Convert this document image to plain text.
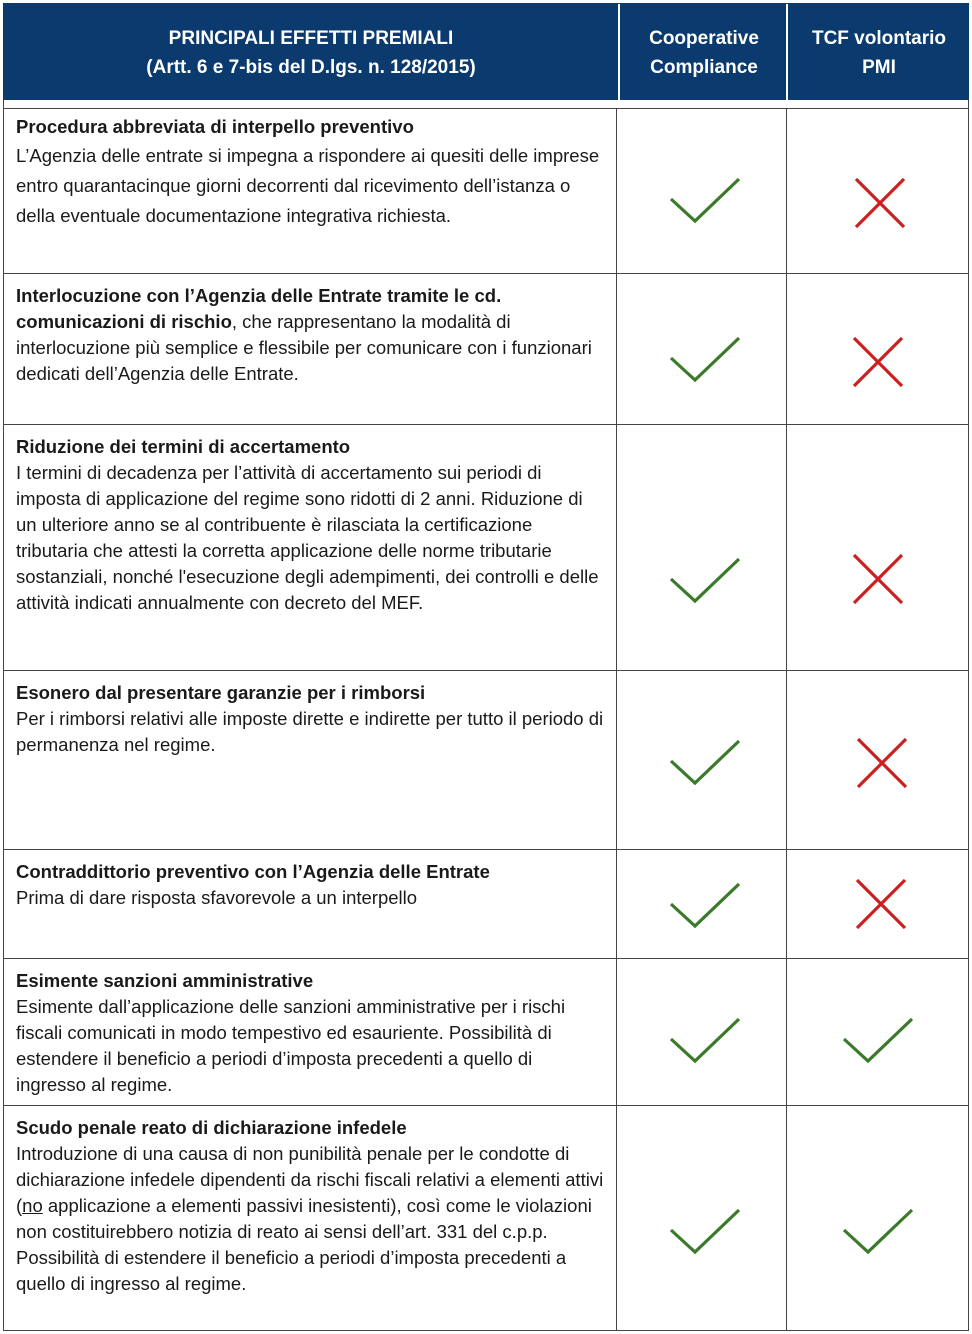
PRINCIPALI EFFETTI PREMIALI
(Artt. 6 e 7-bis del D.lgs. n. 128/2015)
Cooperative
Compliance
TCF volontario
PMI
Procedura abbreviata di interpello preventivo
L’Agenzia delle entrate si impegna a rispondere ai quesiti delle imprese entro quarantacinque giorni decorrenti dal ricevimento dell’istanza o della eventuale documentazione integrativa richiesta.
Interlocuzione con l’Agenzia delle Entrate tramite le cd. comunicazioni di rischio, che rappresentano la modalità di interlocuzione più semplice e flessibile per comunicare con i funzionari dedicati dell’Agenzia delle Entrate.
Riduzione dei termini di accertamento
I termini di decadenza per l’attività di accertamento sui periodi di imposta di applicazione del regime sono ridotti di 2 anni. Riduzione di un ulteriore anno se al contribuente è rilasciata la certificazione tributaria che attesti la corretta applicazione delle norme tributarie sostanziali, nonché l'esecuzione degli adempimenti, dei controlli e delle attività indicati annualmente con decreto del MEF.
Esonero dal presentare garanzie per i rimborsi
Per i rimborsi relativi alle imposte dirette e indirette per tutto il periodo di permanenza nel regime.
Contraddittorio preventivo con l’Agenzia delle Entrate
Prima di dare risposta sfavorevole a un interpello
Esimente sanzioni amministrative
Esimente dall’applicazione delle sanzioni amministrative per i rischi fiscali comunicati in modo tempestivo ed esauriente. Possibilità di estendere il beneficio a periodi d’imposta precedenti a quello di ingresso al regime.
Scudo penale reato di dichiarazione infedele
Introduzione di una causa di non punibilità penale per le condotte di dichiarazione infedele dipendenti da rischi fiscali relativi a elementi attivi (no applicazione a elementi passivi inesistenti), così come le violazioni non costituirebbero notizia di reato ai sensi dell’art. 331 del c.p.p. Possibilità di estendere il beneficio a periodi d’imposta precedenti a quello di ingresso al regime.
